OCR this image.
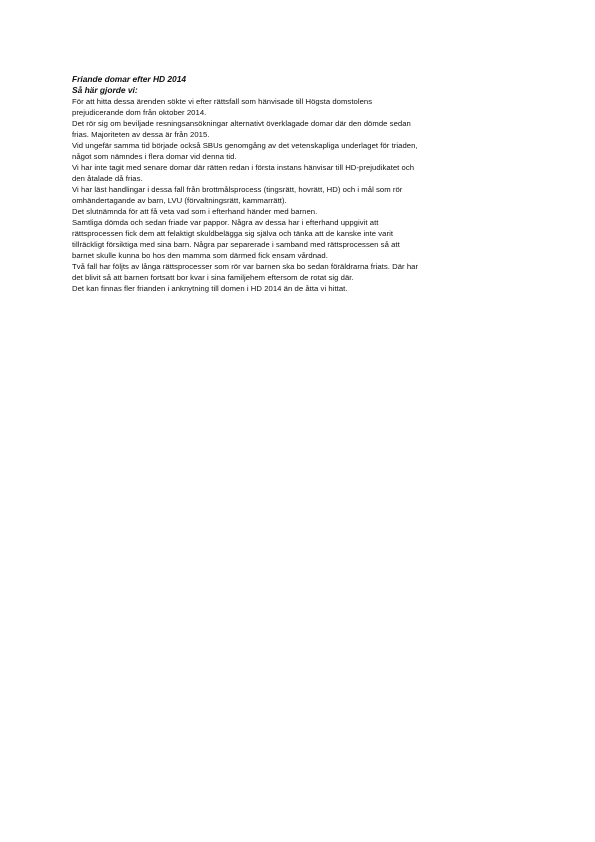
Friande domar efter HD 2014
Så här gjorde vi:
För att hitta dessa ärenden sökte vi efter rättsfall som hänvisade till Högsta domstolens
prejudicerande dom från oktober 2014.
Det rör sig om beviljade resningsansökningar alternativt överklagade domar där den dömde sedan
frias. Majoriteten av dessa är från 2015.
Vid ungefär samma tid började också SBUs genomgång av det vetenskapliga underlaget för triaden,
något som nämndes i flera domar vid denna tid.
Vi har inte tagit med senare domar där rätten redan i första instans hänvisar till HD-prejudikatet och
den åtalade då frias.
Vi har läst handlingar i dessa fall från brottmålsprocess (tingsrätt, hovrätt, HD) och i mål som rör
omhändertagande av barn, LVU (förvaltningsrätt, kammarrätt).
Det slutnämnda för att få veta vad som i efterhand händer med barnen.
Samtliga dömda och sedan friade var pappor. Några av dessa har i efterhand uppgivit att
rättsprocessen fick dem att felaktigt skuldbelägga sig själva och tänka att de kanske inte varit
tillräckligt försiktiga med sina barn. Några par separerade i samband med rättsprocessen så att
barnet skulle kunna bo hos den mamma som därmed fick ensam vårdnad.
Två fall har följts av långa rättsprocesser som rör var barnen ska bo sedan föräldrarna friats. Där har
det blivit så att barnen fortsatt bor kvar i sina familjehem eftersom de rotat sig där.
Det kan finnas fler frianden i anknytning till domen i HD 2014 än de åtta vi hittat.
